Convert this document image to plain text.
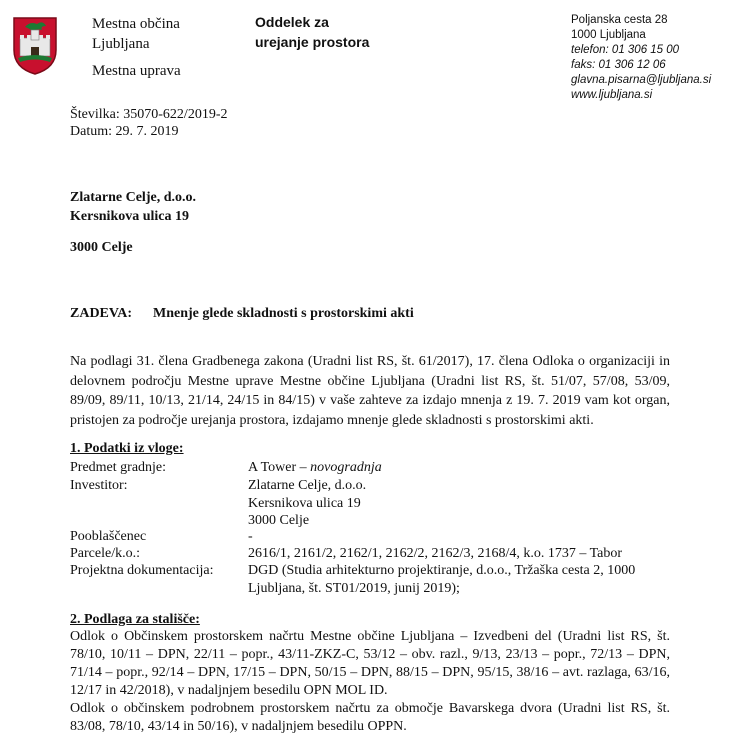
Mestna občina
Ljubljana
Mestna uprava
Oddelek za
urejanje prostora
Poljanska cesta 28
1000 Ljubljana
telefon: 01 306 15 00
faks: 01 306 12 06
glavna.pisarna@ljubljana.si
www.ljubljana.si
Številka: 35070-622/2019-2
Datum: 29. 7. 2019
Zlatarne Celje, d.o.o.
Kersnikova ulica 19
3000 Celje
ZADEVA: Mnenje glede skladnosti s prostorskimi akti
Na podlagi 31. člena Gradbenega zakona (Uradni list RS, št. 61/2017), 17. člena Odloka o organizaciji in delovnem področju Mestne uprave Mestne občine Ljubljana (Uradni list RS, št. 51/07, 57/08, 53/09, 89/09, 89/11, 10/13, 21/14, 24/15 in 84/15) v vaše zahteve za izdajo mnenja z 19. 7. 2019 vam kot organ, pristojen za področje urejanja prostora, izdajamo mnenje glede skladnosti s prostorskimi akti.
1. Podatki iz vloge:
Predmet gradnje:	A Tower – novogradnja
Investitor:	Zlatarne Celje, d.o.o.
Kersnikova ulica 19
3000 Celje
Pooblaščenec	-
Parcele/k.o.:	2616/1, 2161/2, 2162/1, 2162/2, 2162/3, 2168/4, k.o. 1737 – Tabor
Projektna dokumentacija: DGD (Studia arhitekturno projektiranje, d.o.o., Tržaška cesta 2, 1000
Ljubljana, št. ST01/2019, junij 2019);
2. Podlaga za stališče:
Odlok o Občinskem prostorskem načrtu Mestne občine Ljubljana – Izvedbeni del (Uradni list RS, št. 78/10, 10/11 – DPN, 22/11 – popr., 43/11-ZKZ-C, 53/12 – obv. razl., 9/13, 23/13 – popr., 72/13 – DPN, 71/14 – popr., 92/14 – DPN, 17/15 – DPN, 50/15 – DPN, 88/15 – DPN, 95/15, 38/16 – avt. razlaga, 63/16, 12/17 in 42/2018), v nadaljnjem besedilu OPN MOL ID.
Odlok o občinskem podrobnem prostorskem načrtu za območje Bavarskega dvora (Uradni list RS, št. 83/08, 78/10, 43/14 in 50/16), v nadaljnjem besedilu OPPN.
